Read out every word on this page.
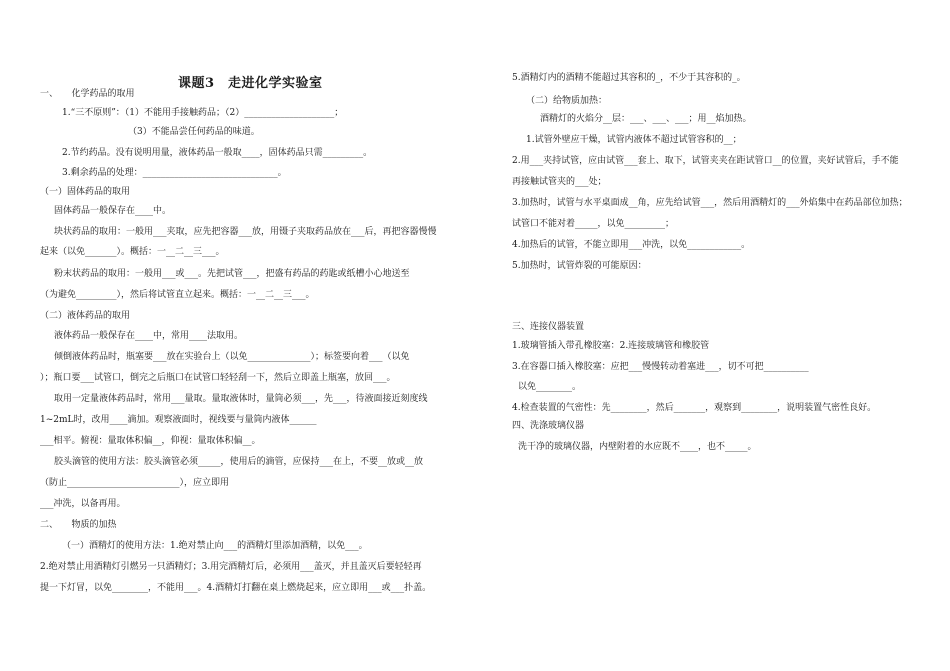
课题3　走进化学实验室
一、　　化学药品的取用
1.“三不原则”：（1）不能用手接触药品；（2）____________________；
（3）不能品尝任何药品的味道。
2.节约药品。没有说明用量，液体药品一般取____，固体药品只需_________。
3.剩余药品的处理：______________________________。
（一）固体药品的取用
固体药品一般保存在____中。
块状药品的取用：一般用___夹取，应先把容器___放，用镊子夹取药品放在___后，再把容器慢慢
起来（以免_______）。概括：一__二__三___。
粉末状药品的取用：一般用___或___。先把试管___，把盛有药品的药匙或纸槽小心地送至
（为避免_________），然后将试管直立起来。概括：一__二__三___。
（二）液体药品的取用
液体药品一般保存在____中，常用____法取用。
倾倒液体药品时，瓶塞要___放在实验台上（以免______________）；标签要向着___（以免
）；瓶口要___试管口，倒完之后瓶口在试管口轻轻刮一下，然后立即盖上瓶塞，放回___。
取用一定量液体药品时，常用___量取。量取液体时，量筒必须___，先___，待液面接近刻度线
1~2mL时，改用____滴加。观察液面时，视线要与量筒内液体______
___相平。俯视：量取体积偏__，仰视：量取体积偏__。
胶头滴管的使用方法：胶头滴管必须_____，使用后的滴管，应保持___在上，不要__放或__放
（防止_________________________），应立即用
___冲洗，以备再用。
二、　　物质的加热
（一）酒精灯的使用方法：1.绝对禁止向___的酒精灯里添加酒精，以免___。
2.绝对禁止用酒精灯引燃另一只酒精灯；3.用完酒精灯后，必须用___盖灭，并且盖灭后要轻轻再
提一下灯冒，以免________，不能用___。4.酒精灯打翻在桌上燃烧起来，应立即用___或___扑盖。
5.酒精灯内的酒精不能超过其容积的_，不少于其容积的_。
（二）给物质加热：
酒精灯的火焰分__层：___、___、___；用__焰加热。
1.试管外壁应干燥，试管内液体不超过试管容积的__；
2.用___夹持试管，应由试管___套上、取下，试管夹夹在距试管口__的位置，夹好试管后，手不能
再接触试管夹的___处；
3.加热时，试管与水平桌面成__角，应先给试管___，然后用酒精灯的___外焰集中在药品部位加热；
试管口不能对着_____，以免_________；
4.加热后的试管，不能立即用___冲洗，以免____________。
5.加热时，试管炸裂的可能原因：
三、连接仪器装置
1.玻璃管插入带孔橡胶塞：2.连接玻璃管和橡胶管
3.在容器口插入橡胶塞：应把___慢慢转动着塞进___，切不可把__________
以免________。
4.检查装置的气密性：先________，然后_______，观察到________，说明装置气密性良好。
四、洗涤玻璃仪器
洗干净的玻璃仪器，内壁附着的水应既不____，也不_____。
